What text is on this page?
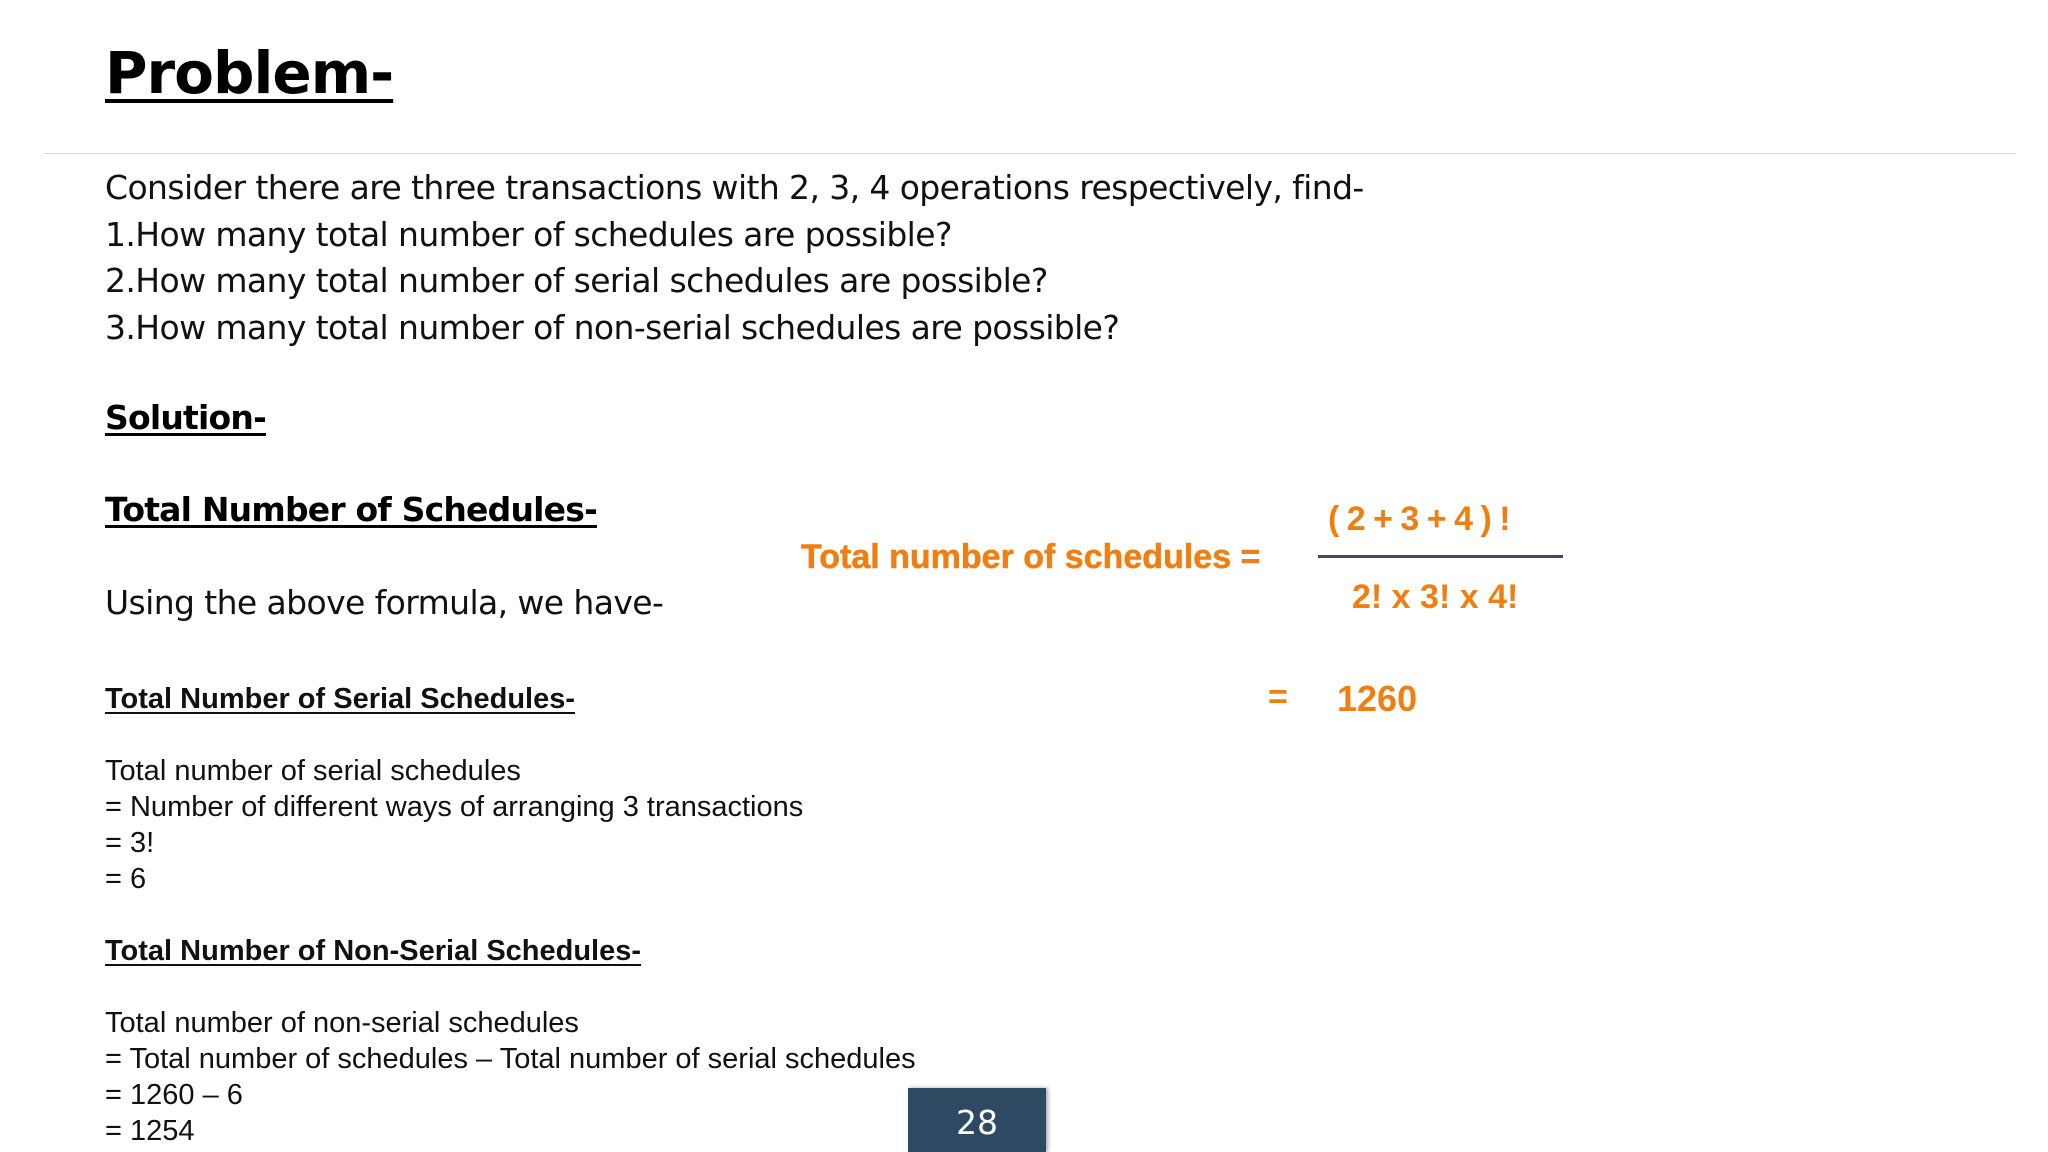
Problem-
Consider there are three transactions with 2, 3, 4 operations respectively, find-
1.How many total number of schedules are possible?
2.How many total number of serial schedules are possible?
3.How many total number of non-serial schedules are possible?
Solution-
Total Number of Schedules-
Using the above formula, we have-
Total number of schedules =
( 2 + 3 + 4 ) !
2! x 3! x 4!
= 1260
Total Number of Serial Schedules-
Total number of serial schedules
= Number of different ways of arranging 3 transactions
= 3!
= 6
Total Number of Non-Serial Schedules-
Total number of non-serial schedules
= Total number of schedules – Total number of serial schedules
= 1260 – 6
= 1254	28
